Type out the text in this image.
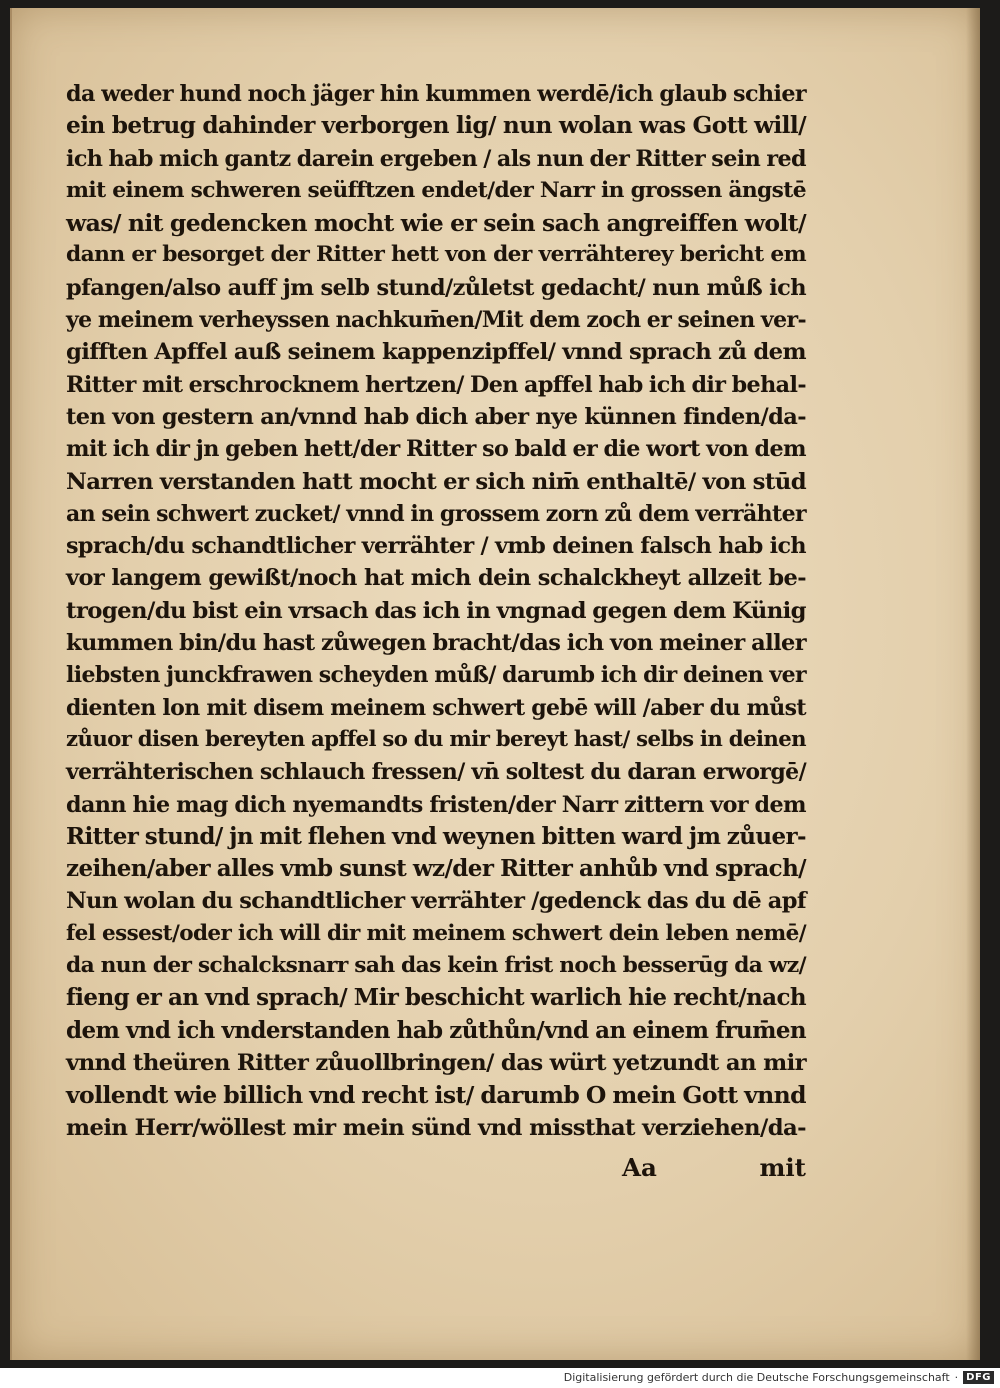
da weder hund noch jäger hin kummen werdē/ich glaub schier
ein betrug dahinder verborgen lig/ nun wolan was Gott will/
ich hab mich gantz darein ergeben / als nun der Ritter sein red
mit einem schweren seüfftzen endet/der Narr in grossen ängstē
was/ nit gedencken mocht wie er sein sach angreiffen wolt/
dann er besorget der Ritter hett von der verrähterey bericht em
pfangen/also auff jm selb stund/zůletst gedacht/ nun můß ich
ye meinem verheyssen nachkum̄en/Mit dem zoch er seinen ver-
gifften Apffel auß seinem kappenzipffel/ vnnd sprach zů dem
Ritter mit erschrocknem hertzen/ Den apffel hab ich dir behal-
ten von gestern an/vnnd hab dich aber nye künnen finden/da-
mit ich dir jn geben hett/der Ritter so bald er die wort von dem
Narren verstanden hatt mocht er sich nim̄ enthaltē/ von stūd
an sein schwert zucket/ vnnd in grossem zorn zů dem verrähter
sprach/du schandtlicher verrähter / vmb deinen falsch hab ich
vor langem gewißt/noch hat mich dein schalckheyt allzeit be-
trogen/du bist ein vrsach das ich in vngnad gegen dem Künig
kummen bin/du hast zůwegen bracht/das ich von meiner aller
liebsten junckfrawen scheyden můß/ darumb ich dir deinen ver
dienten lon mit disem meinem schwert gebē will /aber du můst
zůuor disen bereyten apffel so du mir bereyt hast/ selbs in deinen
verrähterischen schlauch fressen/ vn̄ soltest du daran erworgē/
dann hie mag dich nyemandts fristen/der Narr zittern vor dem
Ritter stund/ jn mit flehen vnd weynen bitten ward jm zůuer-
zeihen/aber alles vmb sunst wz/der Ritter anhůb vnd sprach/
Nun wolan du schandtlicher verrähter /gedenck das du dē apf
fel essest/oder ich will dir mit meinem schwert dein leben nemē/
da nun der schalcksnarr sah das kein frist noch besserūg da wz/
fieng er an vnd sprach/ Mir beschicht warlich hie recht/nach
dem vnd ich vnderstanden hab zůthůn/vnd an einem frum̄en
vnnd theüren Ritter zůuollbringen/ das würt yetzundt an mir
vollendt wie billich vnd recht ist/ darumb O mein Gott vnnd
mein Herr/wöllest mir mein sünd vnd missthat verziehen/da-
Aa	mit
Digitalisierung gefördert durch die Deutsche Forschungsgemeinschaft · DFG
